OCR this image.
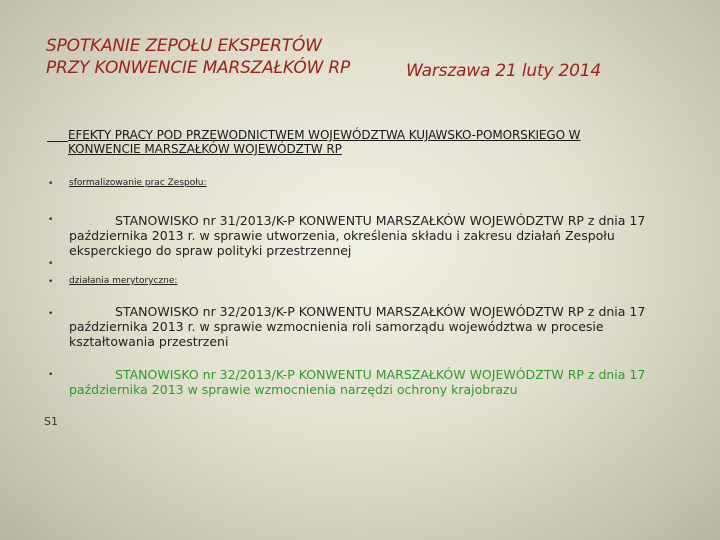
SPOTKANIE ZEPOŁU EKSPERTÓW
PRZY KONWENCIE MARSZAŁKÓW RP	Warszawa 21 luty 2014
EFEKTY PRACY POD PRZEWODNICTWEM WOJEWÓDZTWA KUJAWSKO-POMORSKIEGO W KONWENCIE MARSZAŁKÓW WOJEWÓDZTW RP
•
•
•
•
•
•
sformalizowanie prac Zespołu:
STANOWISKO nr 31/2013/K-P KONWENTU MARSZAŁKÓW WOJEWÓDZTW RP z dnia 17 października 2013 r. w sprawie utworzenia, określenia składu i zakresu działań Zespołu eksperckiego do spraw polityki przestrzennej
działania merytoryczne:
STANOWISKO nr 32/2013/K-P KONWENTU MARSZAŁKÓW WOJEWÓDZTW RP z dnia 17 października 2013 r. w sprawie wzmocnienia roli samorządu województwa w procesie kształtowania przestrzeni
STANOWISKO nr 32/2013/K-P KONWENTU MARSZAŁKÓW WOJEWÓDZTW RP z dnia 17 października 2013 w sprawie wzmocnienia narzędzi ochrony krajobrazu
S1
